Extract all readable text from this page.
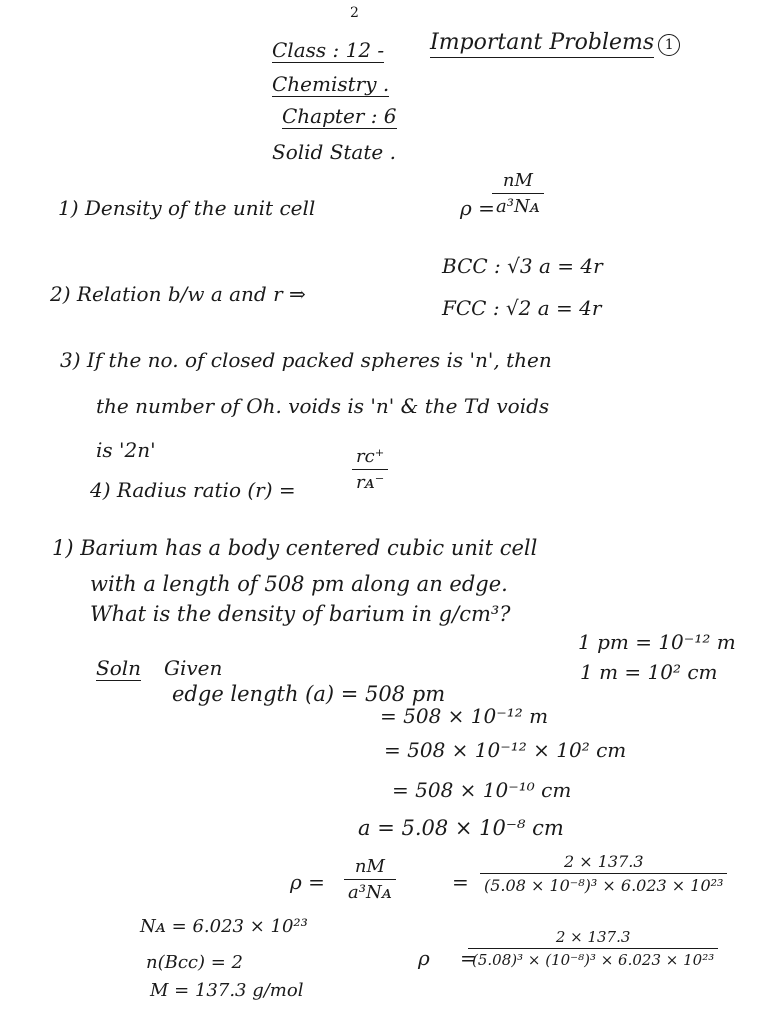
2
Class : 12 - Important Problems 1
Chemistry .
Chapter : 6
Solid State .
1) Density of the unit cell	ρ =
$\frac{nM}{\text{a³Nᴀ}}$
2) Relation b/w a and r ⇒
BCC : √3 a = 4r
FCC : √2 a = 4r
3) If the no. of closed packed spheres is 'n', then
the number of Oh. voids is 'n' & the Td voids
is '2n'
4) Radius ratio (r) =	$\frac{rc^+}{\text{rᴀ⁻}}$
1) Barium has a body centered cubic unit cell
with a length of 508 pm along an edge.
What is the density of barium in g/cm³?
1 pm = 10⁻¹² m
1 m = 10² cm
Soln Given
edge length (a) = 508 pm
= 508 × 10⁻¹² m
= 508 × 10⁻¹² × 10² cm
= 508 × 10⁻¹⁰ cm
a = 5.08 × 10⁻⁸ cm
$\rho = \frac{nM}{\text{a³Nᴀ}}$	= $\frac{2 \times 137.3}{\text{(5.08 × 10⁻⁸)³ × 6.023 × 10²³}}$
Nᴀ = 6.023 × 10²³
n(Bcc) = 2
M = 137.3 g/mol
ρ =
$\frac{2 \times 137.3}{\text{(5.08)³ × (10⁻⁸)³ × 6.023 × 10²³}}$
